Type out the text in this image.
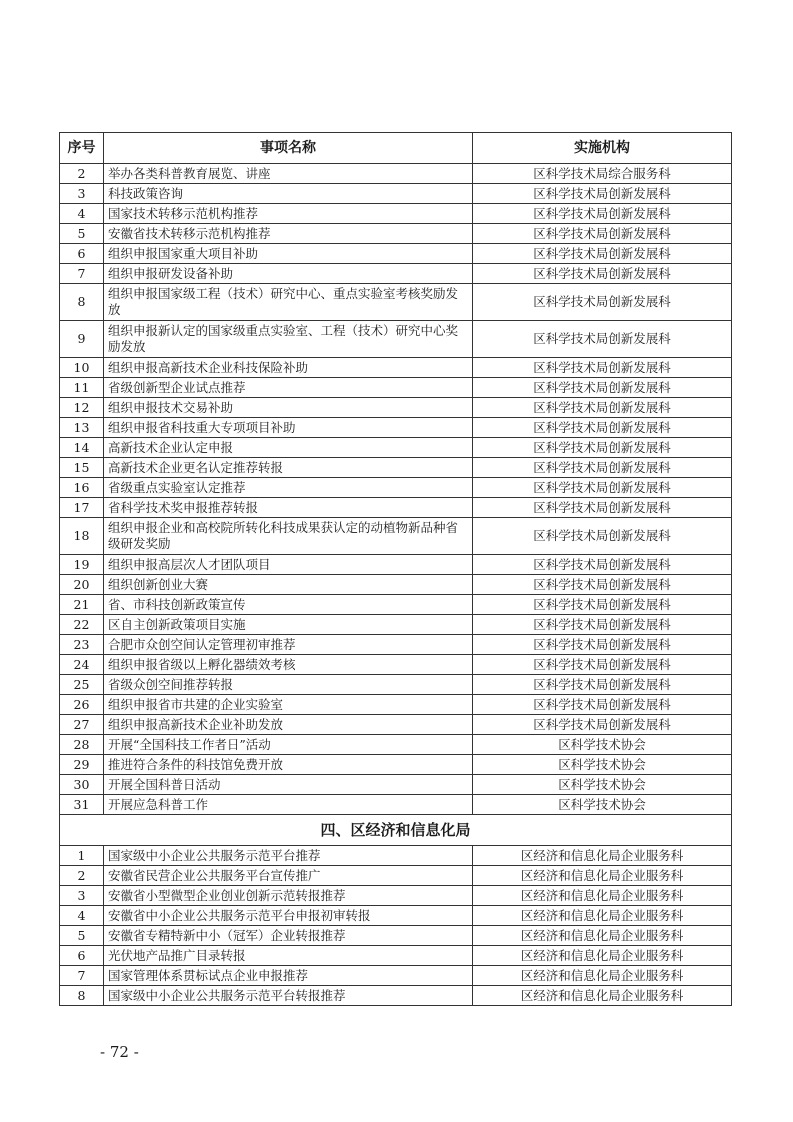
序号	事项名称	实施机构
2	举办各类科普教育展览、讲座	区科学技术局综合服务科
3	科技政策咨询	区科学技术局创新发展科
4	国家技术转移示范机构推荐	区科学技术局创新发展科
5	安徽省技术转移示范机构推荐	区科学技术局创新发展科
6	组织申报国家重大项目补助	区科学技术局创新发展科
7	组织申报研发设备补助	区科学技术局创新发展科
8	组织申报国家级工程（技术）研究中心、重点实验室考核奖励发放	区科学技术局创新发展科
9	组织申报新认定的国家级重点实验室、工程（技术）研究中心奖励发放	区科学技术局创新发展科
10	组织申报高新技术企业科技保险补助	区科学技术局创新发展科
11	省级创新型企业试点推荐	区科学技术局创新发展科
12	组织申报技术交易补助	区科学技术局创新发展科
13	组织申报省科技重大专项项目补助	区科学技术局创新发展科
14	高新技术企业认定申报	区科学技术局创新发展科
15	高新技术企业更名认定推荐转报	区科学技术局创新发展科
16	省级重点实验室认定推荐	区科学技术局创新发展科
17	省科学技术奖申报推荐转报	区科学技术局创新发展科
18	组织申报企业和高校院所转化科技成果获认定的动植物新品种省级研发奖励	区科学技术局创新发展科
19	组织申报高层次人才团队项目	区科学技术局创新发展科
20	组织创新创业大赛	区科学技术局创新发展科
21	省、市科技创新政策宣传	区科学技术局创新发展科
22	区自主创新政策项目实施	区科学技术局创新发展科
23	合肥市众创空间认定管理初审推荐	区科学技术局创新发展科
24	组织申报省级以上孵化器绩效考核	区科学技术局创新发展科
25	省级众创空间推荐转报	区科学技术局创新发展科
26	组织申报省市共建的企业实验室	区科学技术局创新发展科
27	组织申报高新技术企业补助发放	区科学技术局创新发展科
28	开展“全国科技工作者日”活动	区科学技术协会
29	推进符合条件的科技馆免费开放	区科学技术协会
30	开展全国科普日活动	区科学技术协会
31	开展应急科普工作	区科学技术协会
四、区经济和信息化局		
1	国家级中小企业公共服务示范平台推荐	区经济和信息化局企业服务科
2	安徽省民营企业公共服务平台宣传推广	区经济和信息化局企业服务科
3	安徽省小型微型企业创业创新示范转报推荐	区经济和信息化局企业服务科
4	安徽省中小企业公共服务示范平台申报初审转报	区经济和信息化局企业服务科
5	安徽省专精特新中小（冠军）企业转报推荐	区经济和信息化局企业服务科
6	光伏地产品推广目录转报	区经济和信息化局企业服务科
7	国家管理体系贯标试点企业申报推荐	区经济和信息化局企业服务科
8	国家级中小企业公共服务示范平台转报推荐	区经济和信息化局企业服务科
- 72 -
